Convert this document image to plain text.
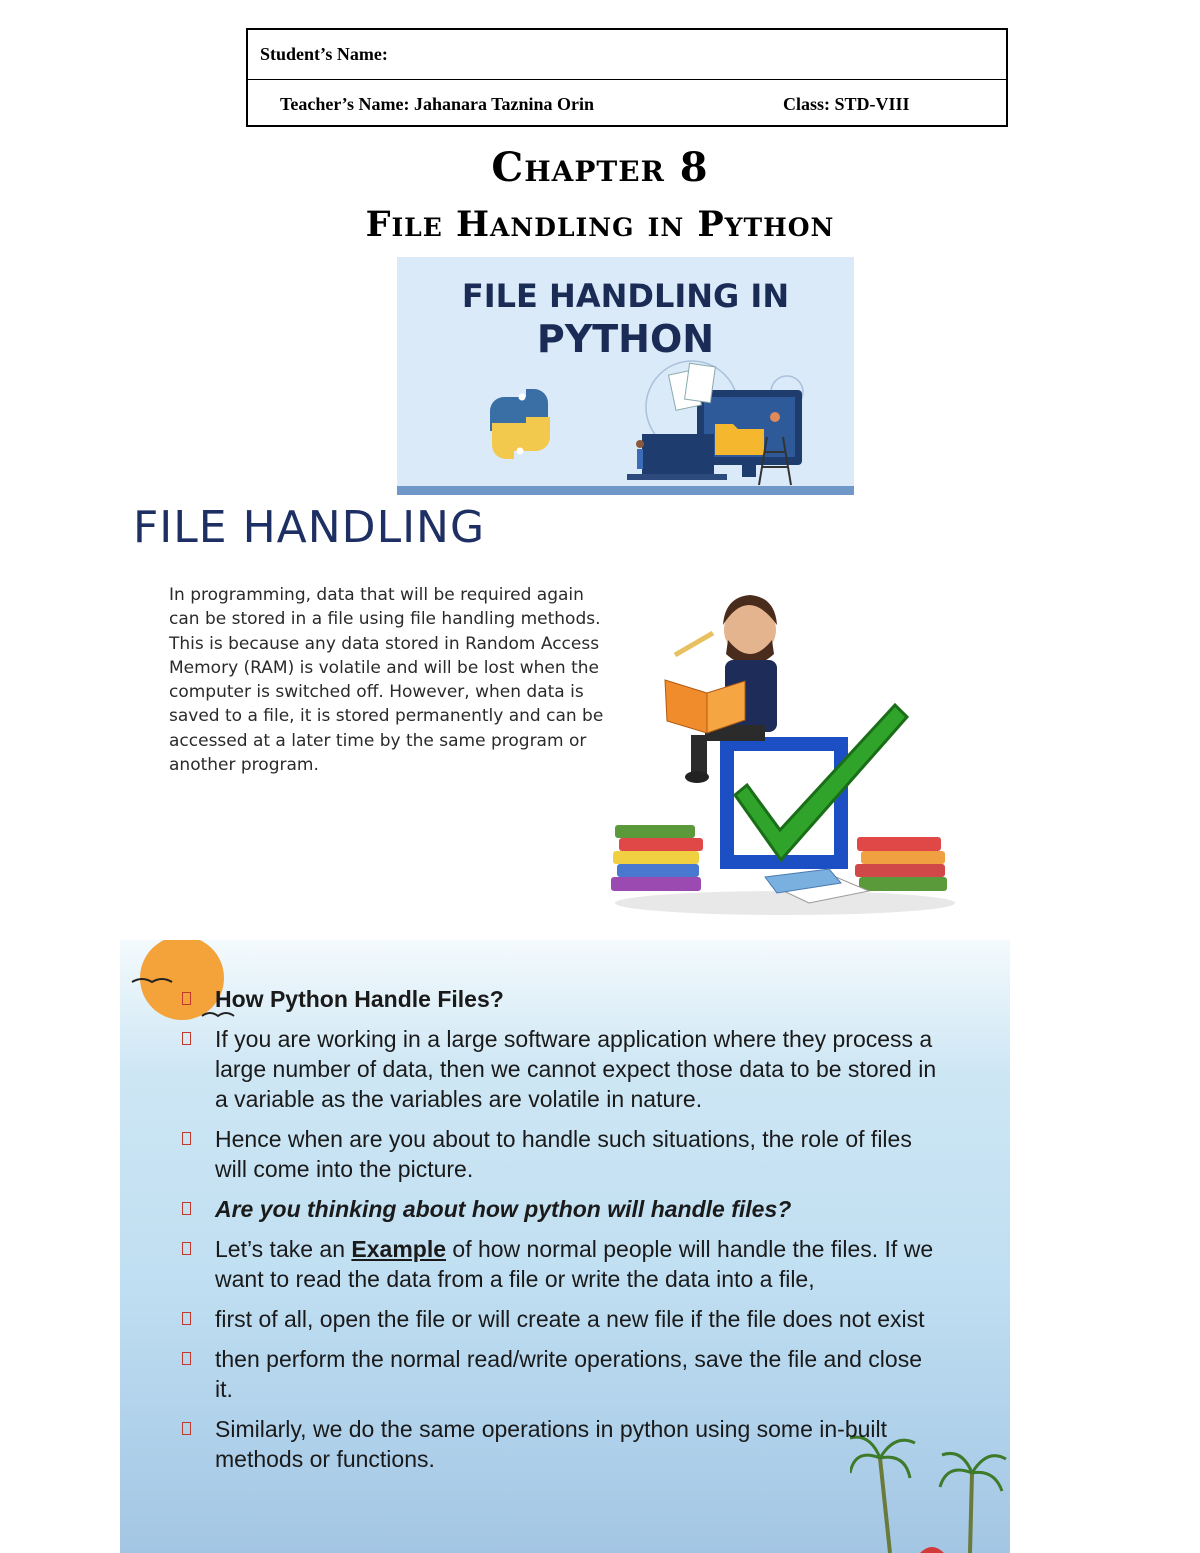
Student’s Name:
Teacher’s Name: Jahanara Taznina Orin	Class: STD-VIII
Chapter 8
File Handling in Python
FILE HANDLING IN
PYTHON
FILE HANDLING
In programming, data that will be required again
can be stored in a file using file handling methods.
This is because any data stored in Random Access
Memory (RAM) is volatile and will be lost when the
computer is switched off. However, when data is
saved to a file, it is stored permanently and can be
accessed at a later time by the same program or
another program.
How Python Handle Files?
If you are working in a large software application where they process a large number of data, then we cannot expect those data to be stored in a variable as the variables are volatile in nature.
Hence when are you about to handle such situations, the role of files will come into the picture.
Are you thinking about how python will handle files?
Let’s take an Example of how normal people will handle the files. If we want to read the data from a file or write the data into a file,
first of all, open the file or will create a new file if the file does not exist
then perform the normal read/write operations, save the file and close it.
Similarly, we do the same operations in python using some in-built methods or functions.
